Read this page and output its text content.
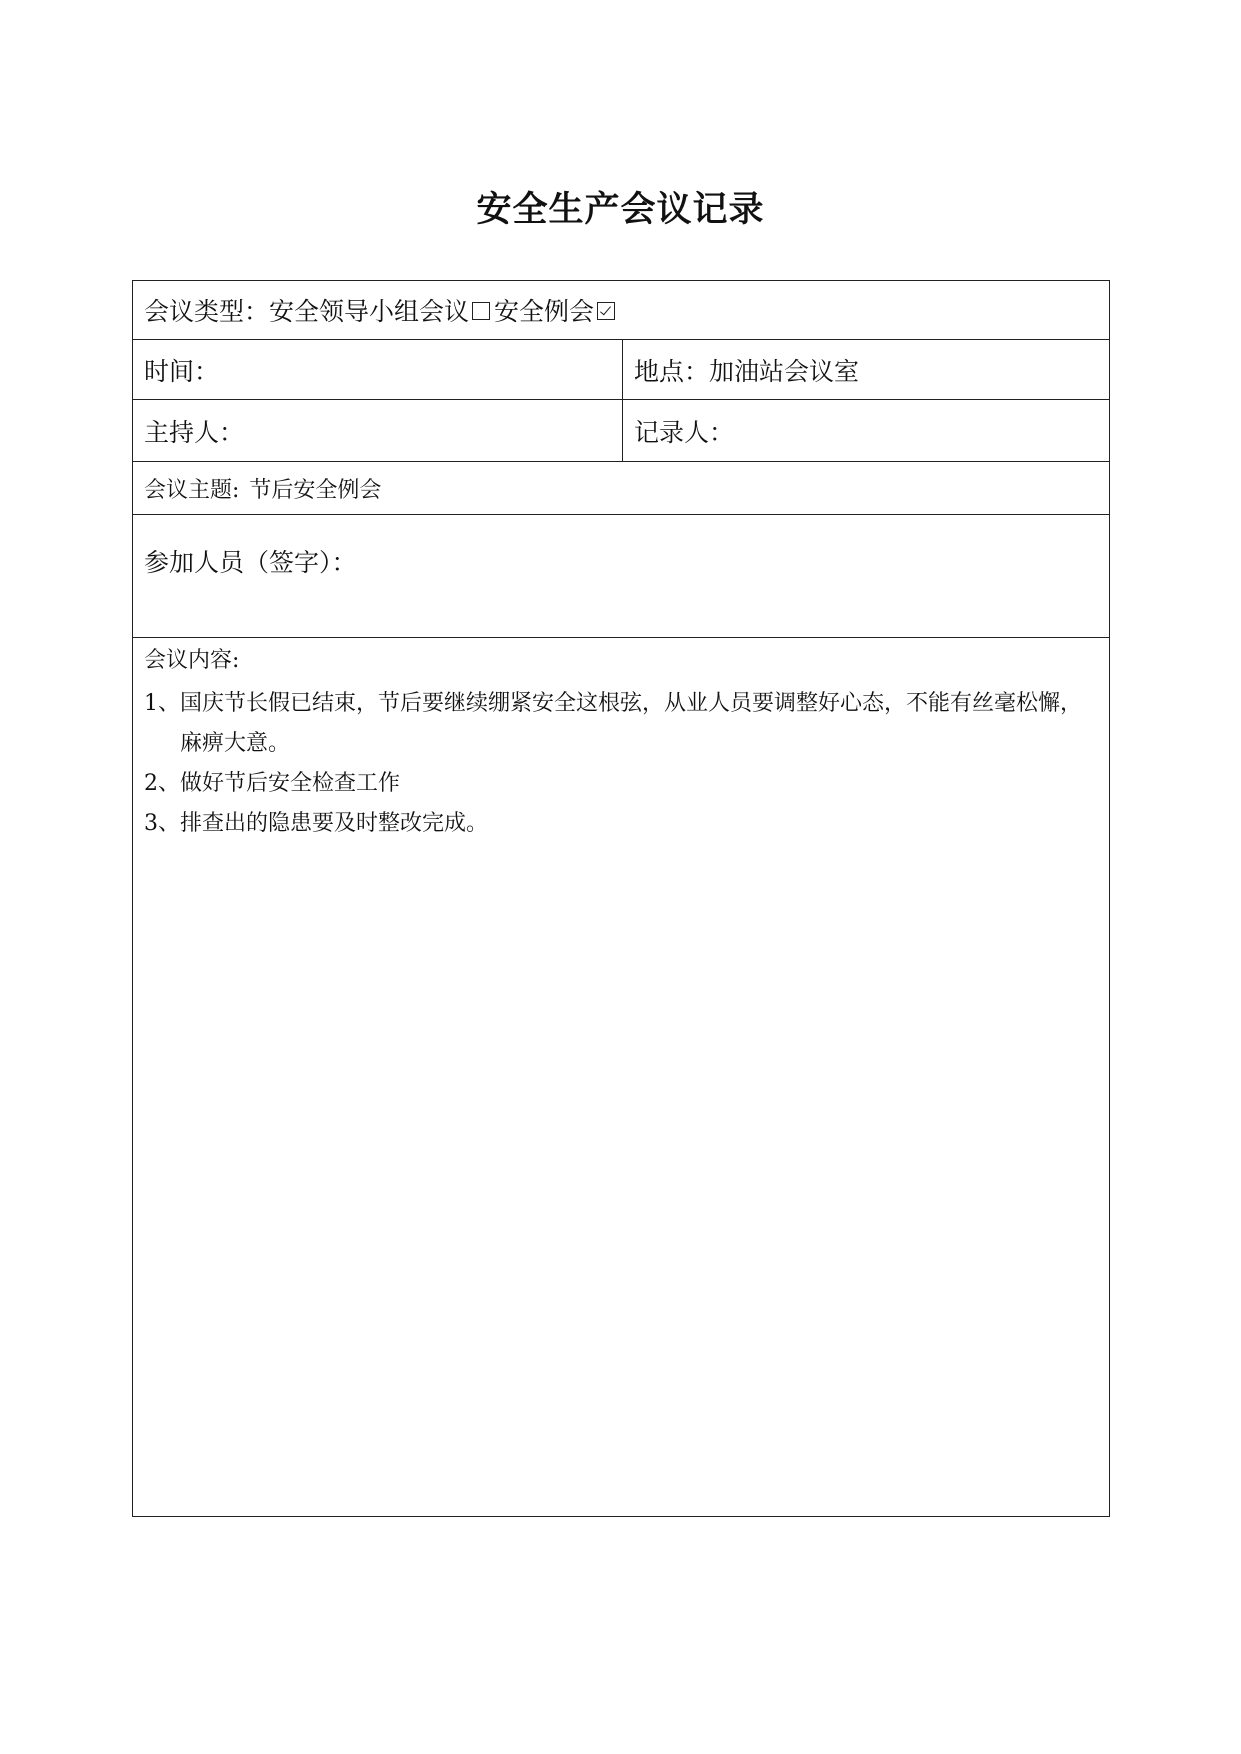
安全生产会议记录
会议类型： 安全领导小组会议 安全例会
时间：	地点： 加油站会议室
主持人：	记录人：
会议主题: 节后安全例会
参加人员（签字）：
会议内容:
1、 国庆节长假已结束，节后要继续绷紧安全这根弦，从业人员要调整好心态，不能有丝毫松懈，麻痹大意。
2、 做好节后安全检查工作
3、 排查出的隐患要及时整改完成。
